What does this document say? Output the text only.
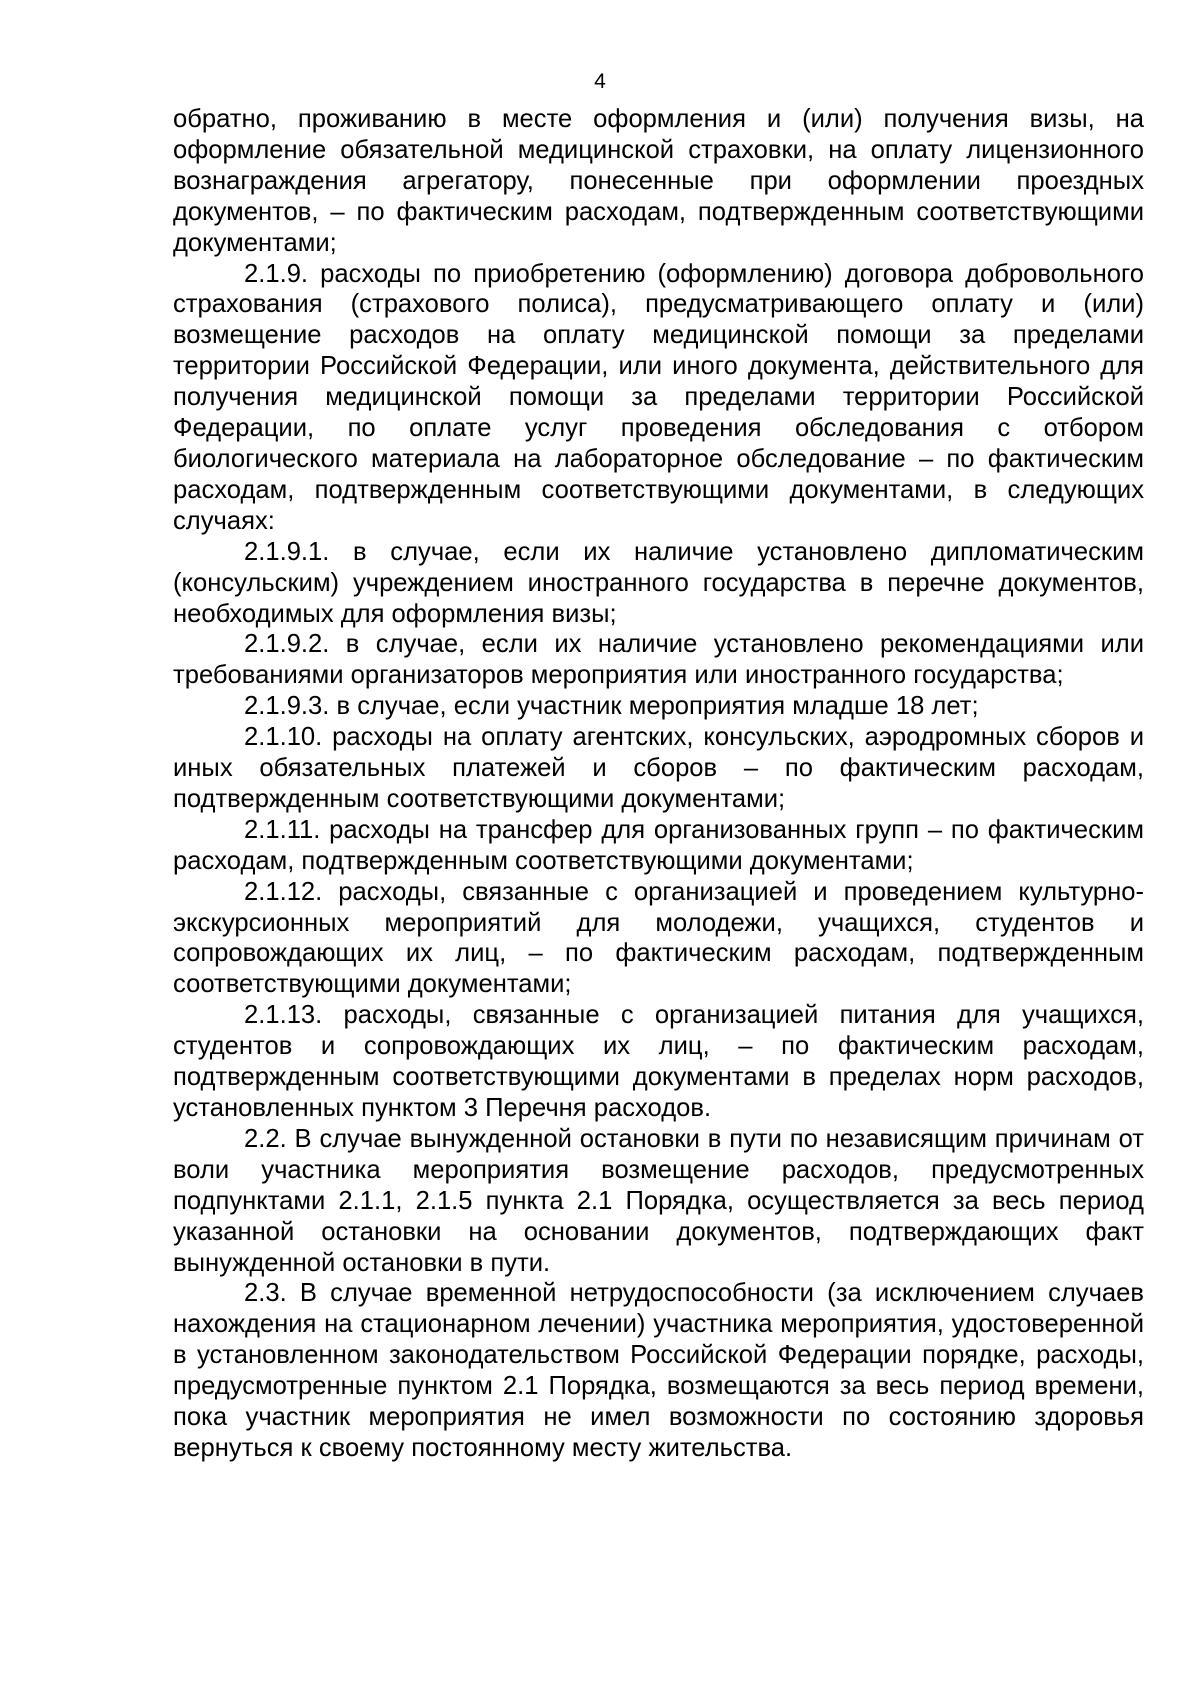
4

обратно, проживанию в месте оформления и (или) получения визы, на оформление обязательной медицинской страховки, на оплату лицензионного вознаграждения агрегатору, понесенные при оформлении проездных документов, – по фактическим расходам, подтвержденным соответствующими документами;

2.1.9. расходы по приобретению (оформлению) договора добровольного страхования (страхового полиса), предусматривающего оплату и (или) возмещение расходов на оплату медицинской помощи за пределами территории Российской Федерации, или иного документа, действительного для получения медицинской помощи за пределами территории Российской Федерации, по оплате услуг проведения обследования с отбором биологического материала на лабораторное обследование – по фактическим расходам, подтвержденным соответствующими документами, в следующих случаях:

2.1.9.1. в случае, если их наличие установлено дипломатическим (консульским) учреждением иностранного государства в перечне документов, необходимых для оформления визы;

2.1.9.2. в случае, если их наличие установлено рекомендациями или требованиями организаторов мероприятия или иностранного государства;

2.1.9.3. в случае, если участник мероприятия младше 18 лет;

2.1.10. расходы на оплату агентских, консульских, аэродромных сборов и иных обязательных платежей и сборов – по фактическим расходам, подтвержденным соответствующими документами;

2.1.11. расходы на трансфер для организованных групп – по фактическим расходам, подтвержденным соответствующими документами;

2.1.12. расходы, связанные с организацией и проведением культурно-экскурсионных мероприятий для молодежи, учащихся, студентов и сопровождающих их лиц, – по фактическим расходам, подтвержденным соответствующими документами;

2.1.13. расходы, связанные с организацией питания для учащихся, студентов и сопровождающих их лиц, – по фактическим расходам, подтвержденным соответствующими документами в пределах норм расходов, установленных пунктом 3 Перечня расходов.

2.2. В случае вынужденной остановки в пути по независящим причинам от воли участника мероприятия возмещение расходов, предусмотренных подпунктами 2.1.1, 2.1.5 пункта 2.1 Порядка, осуществляется за весь период указанной остановки на основании документов, подтверждающих факт вынужденной остановки в пути.

2.3. В случае временной нетрудоспособности (за исключением случаев нахождения на стационарном лечении) участника мероприятия, удостоверенной в установленном законодательством Российской Федерации порядке, расходы, предусмотренные пунктом 2.1 Порядка, возмещаются за весь период времени, пока участник мероприятия не имел возможности по состоянию здоровья вернуться к своему постоянному месту жительства.
